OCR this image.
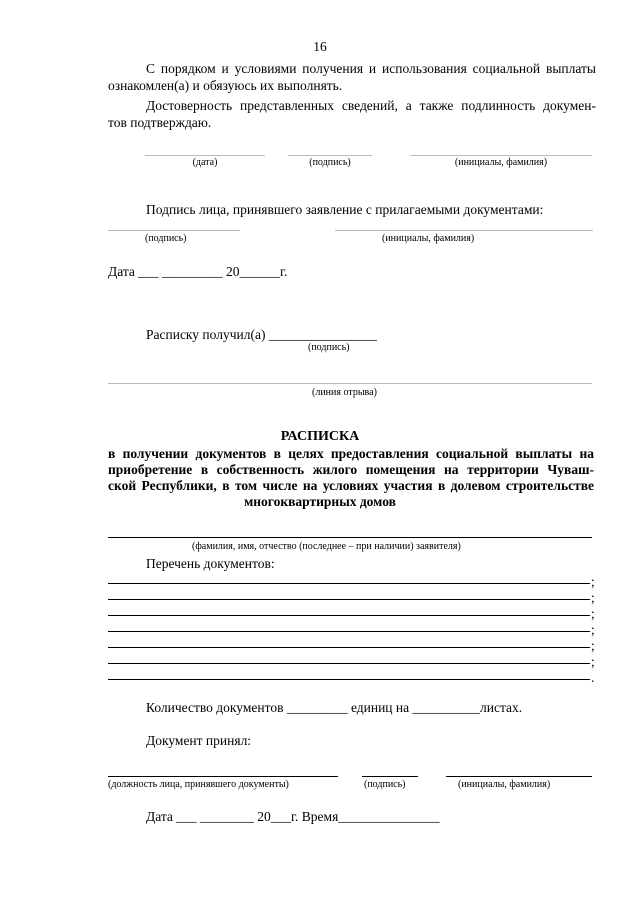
16
С порядком и условиями получения и использования социальной выплаты
ознакомлен(а) и обязуюсь их выполнять.
Достоверность представленных сведений, а также подлинность докумен-
тов подтверждаю.
(дата)	(подпись)	(инициалы, фамилия)
Подпись лица, принявшего заявление с прилагаемыми документами:
(подпись)	(инициалы, фамилия)
Дата ___ _________ 20______г.
Расписку получил(а) ________________
(подпись)
(линия отрыва)
РАСПИСКА
в получении документов в целях предоставления социальной выплаты на
приобретение в собственность жилого помещения на территории Чуваш-
ской Республики, в том числе на условиях участия в долевом строительстве
многоквартирных домов
(фамилия, имя, отчество (последнее – при наличии) заявителя)
Перечень документов:
;
;
;
;
;
;
.
Количество документов _________ единиц на __________листах.
Документ принял:
(должность лица, принявшего документы)	(подпись)	(инициалы, фамилия)
Дата ___ ________ 20___г. Время_______________
